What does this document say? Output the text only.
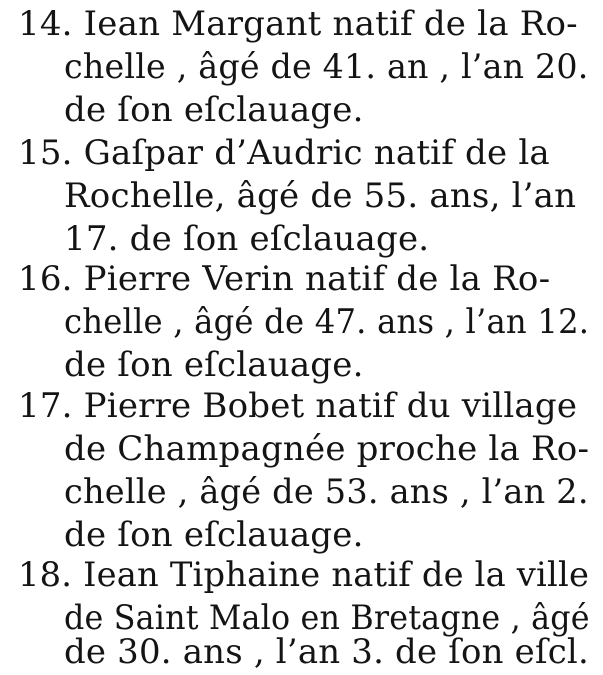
14. Iean Margant natif de la Ro-
chelle , âgé de 41. an , l’an 20.
de ſon eſclauage.
15. Gaſpar d’Audric natif de la
Rochelle, âgé de 55. ans, l’an
17. de ſon eſclauage.
16. Pierre Verin natif de la Ro-
chelle , âgé de 47. ans , l’an 12.
de ſon eſclauage.
17. Pierre Bobet natif du village
de Champagnée proche la Ro-
chelle , âgé de 53. ans , l’an 2.
de ſon eſclauage.
18. Iean Tiphaine natif de la ville
de Saint Malo en Bretagne , âgé
de 30. ans , l’an 3. de ſon eſcl.
